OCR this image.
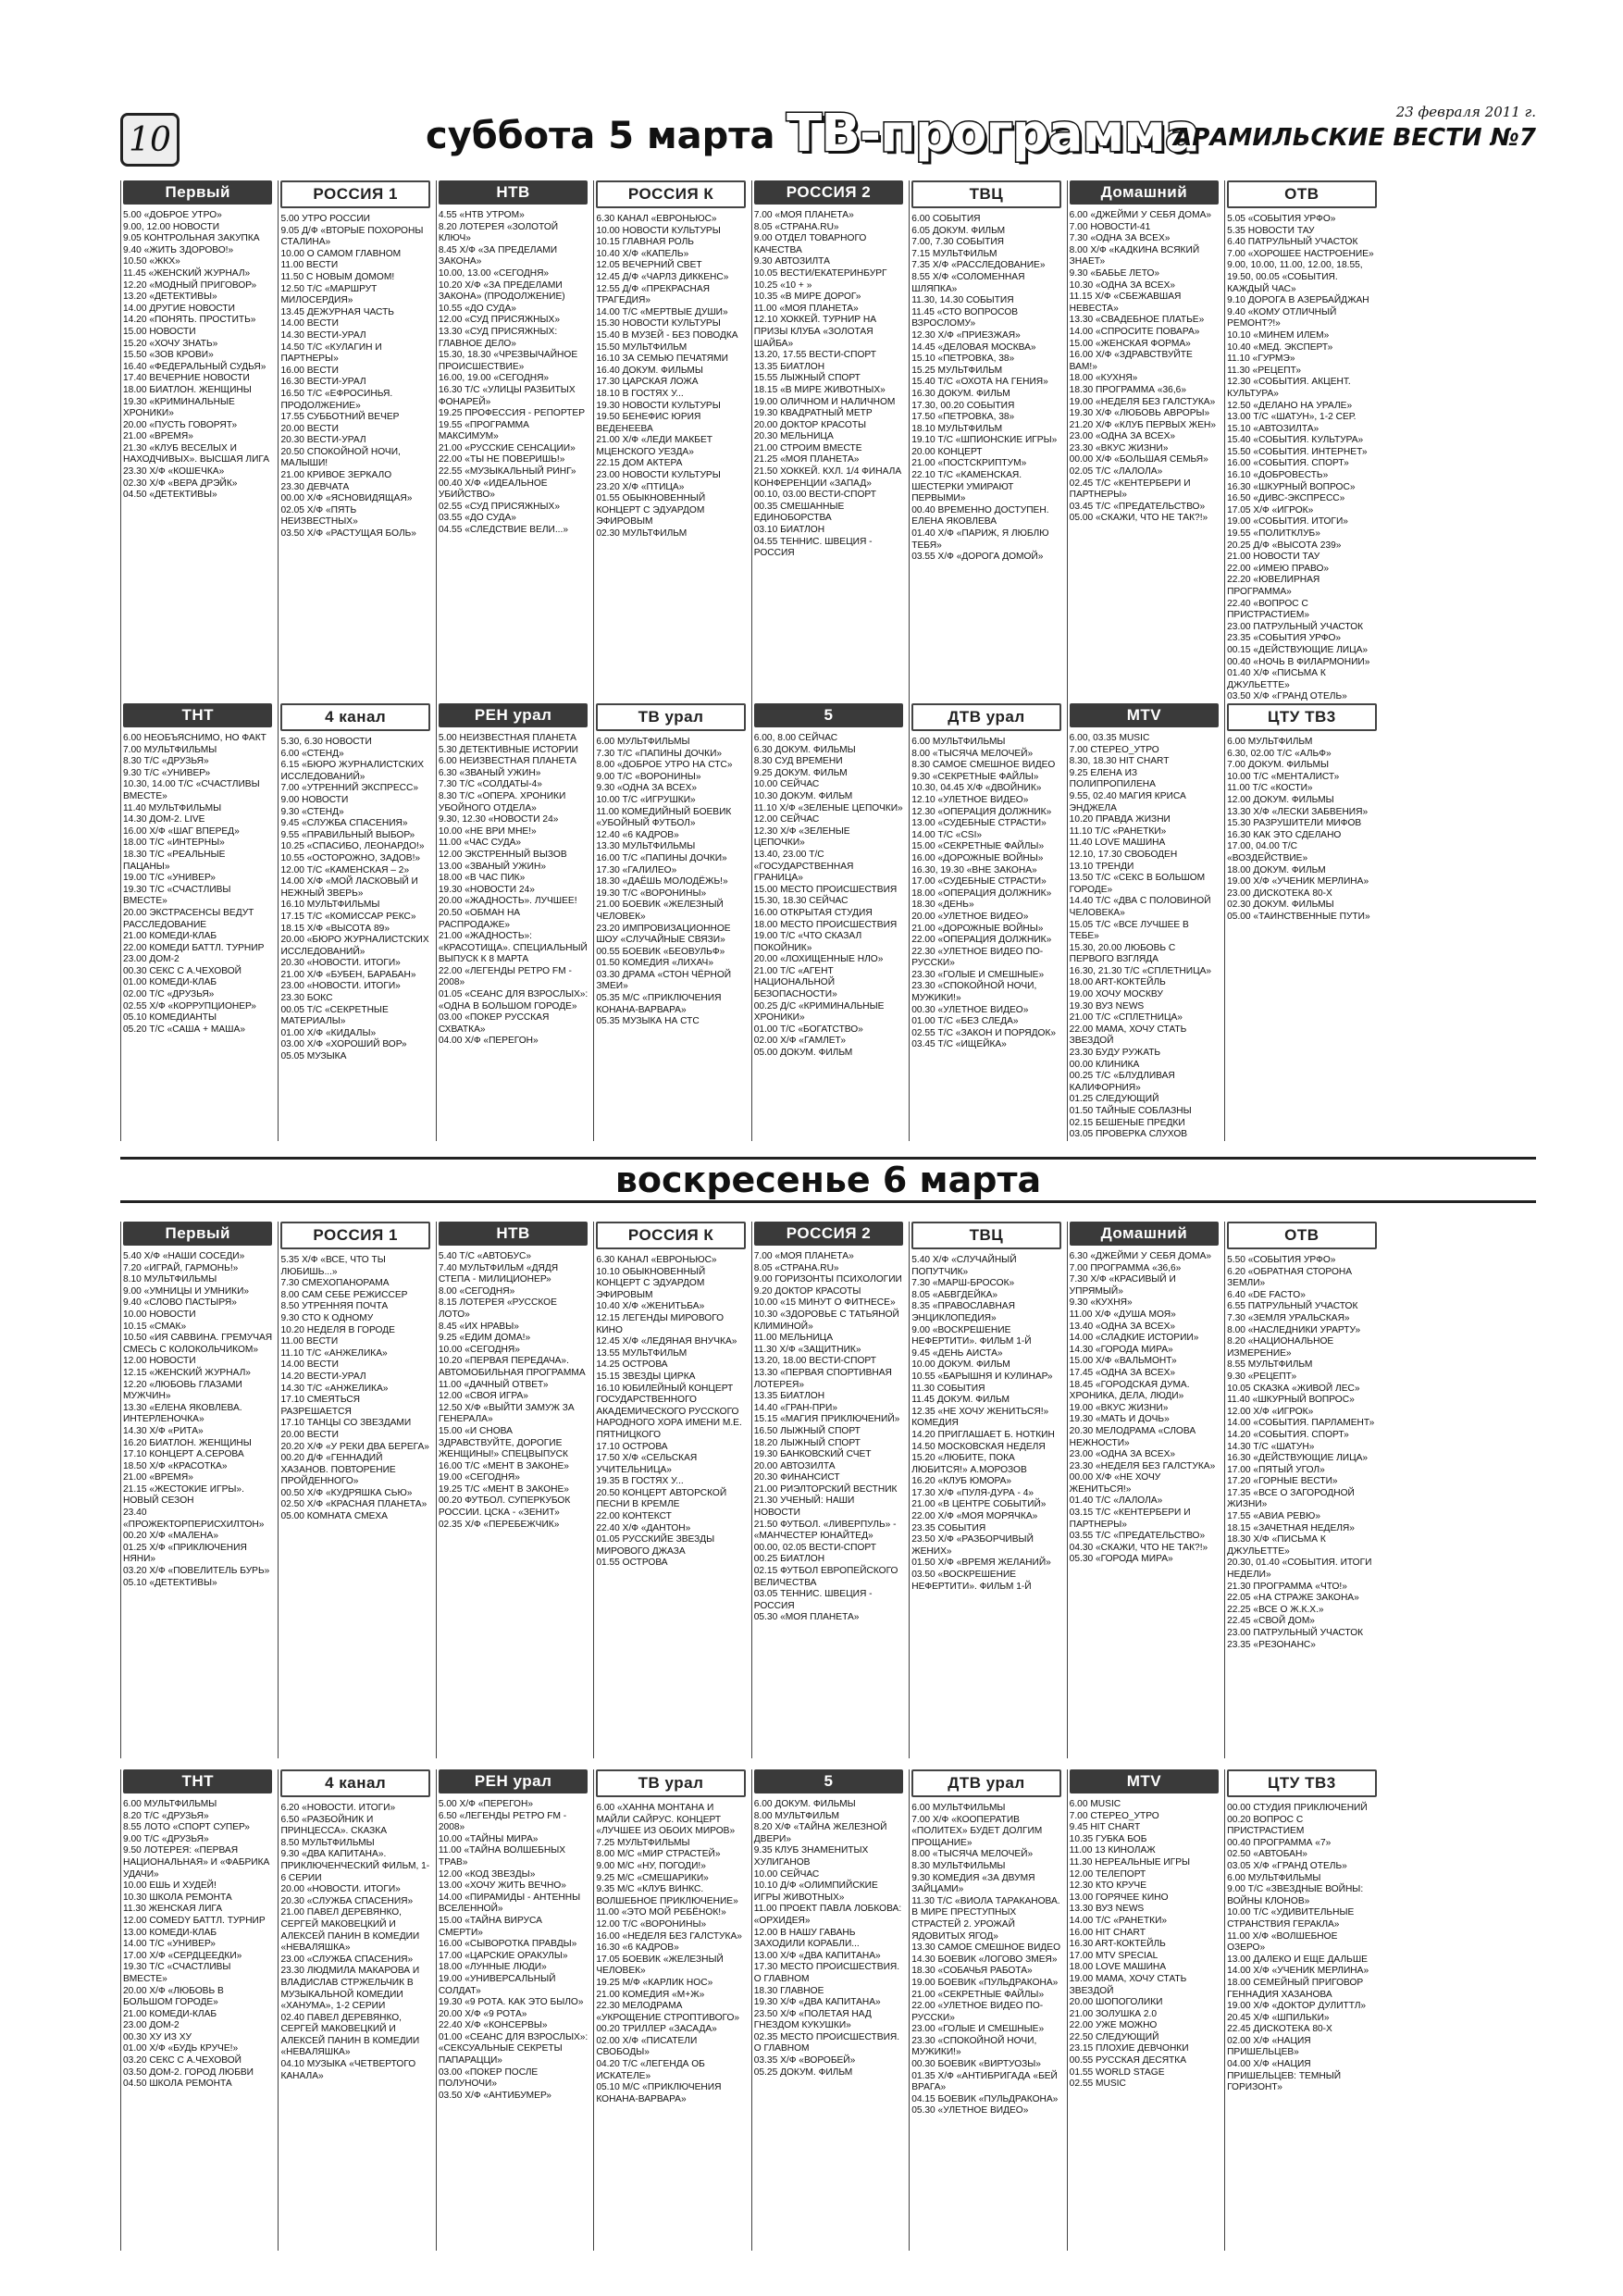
10	суббота 5 марта ТВ-программа	23 февраля 2011 г.
АРАМИЛЬСКИЕ ВЕСТИ №7
Первый
5.00 «ДОБРОЕ УТРО»
9.00, 12.00 НОВОСТИ
9.05 КОНТРОЛЬНАЯ ЗАКУПКА
9.40 «ЖИТЬ ЗДОРОВО!»
10.50 «ЖКХ»
11.45 «ЖЕНСКИЙ ЖУРНАЛ»
12.20 «МОДНЫЙ ПРИГОВОР»
13.20 «ДЕТЕКТИВЫ»
14.00 ДРУГИЕ НОВОСТИ
14.20 «ПОНЯТЬ. ПРОСТИТЬ»
15.00 НОВОСТИ
15.20 «ХОЧУ ЗНАТЬ»
15.50 «ЗОВ КРОВИ»
16.40 «ФЕДЕРАЛЬНЫЙ СУДЬЯ»
17.40 ВЕЧЕРНИЕ НОВОСТИ
18.00 БИАТЛОН. ЖЕНЩИНЫ
19.30 «КРИМИНАЛЬНЫЕ ХРОНИКИ»
20.00 «ПУСТЬ ГОВОРЯТ»
21.00 «ВРЕМЯ»
21.30 «КЛУБ ВЕСЕЛЫХ И НАХОДЧИВЫХ». ВЫСШАЯ ЛИГА
23.30 Х/Ф «КОШЕЧКА»
02.30 Х/Ф «ВЕРА ДРЭЙК»
04.50 «ДЕТЕКТИВЫ»
РОССИЯ 1
5.00 УТРО РОССИИ
9.05 Д/Ф «ВТОРЫЕ ПОХОРОНЫ СТАЛИНА»
10.00 О САМОМ ГЛАВНОМ
11.00 ВЕСТИ
11.50 С НОВЫМ ДОМОМ!
12.50 Т/С «МАРШРУТ МИЛОСЕРДИЯ»
13.45 ДЕЖУРНАЯ ЧАСТЬ
14.00 ВЕСТИ
14.30 ВЕСТИ-УРАЛ
14.50 Т/С «КУЛАГИН И ПАРТНЕРЫ»
16.00 ВЕСТИ
16.30 ВЕСТИ-УРАЛ
16.50 Т/С «ЕФРОСИНЬЯ. ПРОДОЛЖЕНИЕ»
17.55 СУББОТНИЙ ВЕЧЕР
20.00 ВЕСТИ
20.30 ВЕСТИ-УРАЛ
20.50 СПОКОЙНОЙ НОЧИ, МАЛЫШИ!
21.00 КРИВОЕ ЗЕРКАЛО
23.30 ДЕВЧАТА
00.00 Х/Ф «ЯСНОВИДЯЩАЯ»
02.05 Х/Ф «ПЯТЬ НЕИЗВЕСТНЫХ»
03.50 Х/Ф «РАСТУЩАЯ БОЛЬ»
НТВ
4.55 «НТВ УТРОМ»
8.20 ЛОТЕРЕЯ «ЗОЛОТОЙ КЛЮЧ»
8.45 Х/Ф «ЗА ПРЕДЕЛАМИ ЗАКОНА»
10.00, 13.00 «СЕГОДНЯ»
10.20 Х/Ф «ЗА ПРЕДЕЛАМИ ЗАКОНА» (ПРОДОЛЖЕНИЕ)
10.55 «ДО СУДА»
12.00 «СУД ПРИСЯЖНЫХ»
13.30 «СУД ПРИСЯЖНЫХ: ГЛАВНОЕ ДЕЛО»
15.30, 18.30 «ЧРЕЗВЫЧАЙНОЕ ПРОИСШЕСТВИЕ»
16.00, 19.00 «СЕГОДНЯ»
16.30 Т/С «УЛИЦЫ РАЗБИТЫХ ФОНАРЕЙ»
19.25 ПРОФЕССИЯ - РЕПОРТЕР
19.55 «ПРОГРАММА МАКСИМУМ»
21.00 «РУССКИЕ СЕНСАЦИИ»
22.00 «ТЫ НЕ ПОВЕРИШЬ!»
22.55 «МУЗЫКАЛЬНЫЙ РИНГ»
00.40 Х/Ф «ИДЕАЛЬНОЕ УБИЙСТВО»
02.55 «СУД ПРИСЯЖНЫХ»
03.55 «ДО СУДА»
04.55 «СЛЕДСТВИЕ ВЕЛИ...»
РОССИЯ К
6.30 КАНАЛ «ЕВРОНЬЮС»
10.00 НОВОСТИ КУЛЬТУРЫ
10.15 ГЛАВНАЯ РОЛЬ
10.40 Х/Ф «КАПЕЛЬ»
12.05 ВЕЧЕРНИЙ СВЕТ
12.45 Д/Ф «ЧАРЛЗ ДИККЕНС»
12.55 Д/Ф «ПРЕКРАСНАЯ ТРАГЕДИЯ»
14.00 Т/С «МЕРТВЫЕ ДУШИ»
15.30 НОВОСТИ КУЛЬТУРЫ
15.40 В МУЗЕЙ - БЕЗ ПОВОДКА
15.50 МУЛЬТФИЛЬМ
16.10 ЗА СЕМЬЮ ПЕЧАТЯМИ
16.40 ДОКУМ. ФИЛЬМЫ
17.30 ЦАРСКАЯ ЛОЖА
18.10 В ГОСТЯХ У...
19.30 НОВОСТИ КУЛЬТУРЫ
19.50 БЕНЕФИС ЮРИЯ ВЕДЕНЕЕВА
21.00 Х/Ф «ЛЕДИ МАКБЕТ МЦЕНСКОГО УЕЗДА»
22.15 ДОМ АКТЕРА
23.00 НОВОСТИ КУЛЬТУРЫ
23.20 Х/Ф «ПТИЦА»
01.55 ОБЫКНОВЕННЫЙ КОНЦЕРТ С ЭДУАРДОМ ЭФИРОВЫМ
02.30 МУЛЬТФИЛЬМ
РОССИЯ 2
7.00 «МОЯ ПЛАНЕТА»
8.05 «СТРАНА.RU»
9.00 ОТДЕЛ ТОВАРНОГО КАЧЕСТВА
9.30 АВТОЗИЛТА
10.05 ВЕСТИ/ЕКАТЕРИНБУРГ
10.25 «10 + »
10.35 «В МИРЕ ДОРОГ»
11.00 «МОЯ ПЛАНЕТА»
12.10 ХОККЕЙ. ТУРНИР НА ПРИЗЫ КЛУБА «ЗОЛОТАЯ ШАЙБА»
13.20, 17.55 ВЕСТИ-СПОРТ
13.35 БИАТЛОН
15.55 ЛЫЖНЫЙ СПОРТ
18.15 «В МИРЕ ЖИВОТНЫХ»
19.00 ОЛИЧНОМ И НАЛИЧНОМ
19.30 КВАДРАТНЫЙ МЕТР
20.00 ДОКТОР КРАСОТЫ
20.30 МЕЛЬНИЦА
21.00 СТРОИМ ВМЕСТЕ
21.25 «МОЯ ПЛАНЕТА»
21.50 ХОККЕЙ. КХЛ. 1/4 ФИНАЛА КОНФЕРЕНЦИИ «ЗАПАД»
00.10, 03.00 ВЕСТИ-СПОРТ
00.35 СМЕШАННЫЕ ЕДИНОБОРСТВА
03.10 БИАТЛОН
04.55 ТЕННИС. ШВЕЦИЯ - РОССИЯ
ТВЦ
6.00 СОБЫТИЯ
6.05 ДОКУМ. ФИЛЬМ
7.00, 7.30 СОБЫТИЯ
7.15 МУЛЬТФИЛЬМ
7.35 Х/Ф «РАССЛЕДОВАНИЕ»
8.55 Х/Ф «СОЛОМЕННАЯ ШЛЯПКА»
11.30, 14.30 СОБЫТИЯ
11.45 «СТО ВОПРОСОВ ВЗРОСЛОМУ»
12.30 Х/Ф «ПРИЕЗЖАЯ»
14.45 «ДЕЛОВАЯ МОСКВА»
15.10 «ПЕТРОВКА, 38»
15.25 МУЛЬТФИЛЬМ
15.40 Т/С «ОХОТА НА ГЕНИЯ»
16.30 ДОКУМ. ФИЛЬМ
17.30, 00.20 СОБЫТИЯ
17.50 «ПЕТРОВКА, 38»
18.10 МУЛЬТФИЛЬМ
19.10 Т/С «ШПИОНСКИЕ ИГРЫ»
20.00 КОНЦЕРТ
21.00 «ПОСТСКРИПТУМ»
22.10 Т/С «КАМЕНСКАЯ. ШЕСТЕРКИ УМИРАЮТ ПЕРВЫМИ»
00.40 ВРЕМЕННО ДОСТУПЕН. ЕЛЕНА ЯКОВЛЕВА
01.40 Х/Ф «ПАРИЖ, Я ЛЮБЛЮ ТЕБЯ»
03.55 Х/Ф «ДОРОГА ДОМОЙ»
Домашний
6.00 «ДЖЕЙМИ У СЕБЯ ДОМА»
7.00 НОВОСТИ-41
7.30 «ОДНА ЗА ВСЕХ»
8.00 Х/Ф «КАДКИНА ВСЯКИЙ ЗНАЕТ»
9.30 «БАБЬЕ ЛЕТО»
10.30 «ОДНА ЗА ВСЕХ»
11.15 Х/Ф «СБЕЖАВШАЯ НЕВЕСТА»
13.30 «СВАДЕБНОЕ ПЛАТЬЕ»
14.00 «СПРОСИТЕ ПОВАРА»
15.00 «ЖЕНСКАЯ ФОРМА»
16.00 Х/Ф «ЗДРАВСТВУЙТЕ ВАМ!»
18.00 «КУХНЯ»
18.30 ПРОГРАММА «36,6»
19.00 «НЕДЕЛЯ БЕЗ ГАЛСТУКА»
19.30 Х/Ф «ЛЮБОВЬ АВРОРЫ»
21.20 Х/Ф «КЛУБ ПЕРВЫХ ЖЕН»
23.00 «ОДНА ЗА ВСЕХ»
23.30 «ВКУС ЖИЗНИ»
00.00 Х/Ф «БОЛЬШАЯ СЕМЬЯ»
02.05 Т/С «ЛАЛОЛА»
02.45 Т/С «КЕНТЕРБЕРИ И ПАРТНЕРЫ»
03.45 Т/С «ПРЕДАТЕЛЬСТВО»
05.00 «СКАЖИ, ЧТО НЕ ТАК?!»
ОТВ
5.05 «СОБЫТИЯ УРФО»
5.35 НОВОСТИ ТАУ
6.40 ПАТРУЛЬНЫЙ УЧАСТОК
7.00 «ХОРОШЕЕ НАСТРОЕНИЕ»
9.00, 10.00, 11.00, 12.00, 18.55, 19.50, 00.05 «СОБЫТИЯ. КАЖДЫЙ ЧАС»
9.10 ДОРОГА В АЗЕРБАЙДЖАН
9.40 «КОМУ ОТЛИЧНЫЙ РЕМОНТ?!»
10.10 «МИНЕМ ИЛЕМ»
10.40 «МЕД. ЭКСПЕРТ»
11.10 «ГУРМЭ»
11.30 «РЕЦЕПТ»
12.30 «СОБЫТИЯ. АКЦЕНТ. КУЛЬТУРА»
12.50 «ДЕЛАНО НА УРАЛЕ»
13.00 Т/С «ШАТУН», 1-2 СЕР.
15.10 «АВТОЗИЛТА»
15.40 «СОБЫТИЯ. КУЛЬТУРА»
15.50 «СОБЫТИЯ. ИНТЕРНЕТ»
16.00 «СОБЫТИЯ. СПОРТ»
16.10 «ДОБРОВЕСТЬ»
16.30 «ШКУРНЫЙ ВОПРОС»
16.50 «ДИВС-ЭКСПРЕСС»
17.05 Х/Ф «ИГРОК»
19.00 «СОБЫТИЯ. ИТОГИ»
19.55 «ПОЛИТКЛУБ»
20.25 Д/Ф «ВЫСОТА 239»
21.00 НОВОСТИ ТАУ
22.00 «ИМЕЮ ПРАВО»
22.20 «ЮВЕЛИРНАЯ ПРОГРАММА»
22.40 «ВОПРОС С ПРИСТРАСТИЕМ»
23.00 ПАТРУЛЬНЫЙ УЧАСТОК
23.35 «СОБЫТИЯ УРФО»
00.15 «ДЕЙСТВУЮЩИЕ ЛИЦА»
00.40 «НОЧЬ В ФИЛАРМОНИИ»
01.40 Х/Ф «ПИСЬМА К ДЖУЛЬЕТТЕ»
03.50 Х/Ф «ГРАНД ОТЕЛЬ»
ТНТ
6.00 НЕОБЪЯСНИМО, НО ФАКТ
7.00 МУЛЬТФИЛЬМЫ
8.30 Т/С «ДРУЗЬЯ»
9.30 Т/С «УНИВЕР»
10.30, 14.00 Т/С «СЧАСТЛИВЫ ВМЕСТЕ»
11.40 МУЛЬТФИЛЬМЫ
14.30 ДОМ-2. LIVE
16.00 Х/Ф «ШАГ ВПЕРЕД»
18.00 Т/С «ИНТЕРНЫ»
18.30 Т/С «РЕАЛЬНЫЕ ПАЦАНЫ»
19.00 Т/С «УНИВЕР»
19.30 Т/С «СЧАСТЛИВЫ ВМЕСТЕ»
20.00 ЭКСТРАСЕНСЫ ВЕДУТ РАССЛЕДОВАНИЕ
21.00 КОМЕДИ-КЛАБ
22.00 КОМЕДИ БАТТЛ. ТУРНИР
23.00 ДОМ-2
00.30 СЕКС С А.ЧЕХОВОЙ
01.00 КОМЕДИ-КЛАБ
02.00 Т/С «ДРУЗЬЯ»
02.55 Х/Ф «КОРРУПЦИОНЕР»
05.10 КОМЕДИАНТЫ
05.20 Т/С «САША + МАША»
4 канал
5.30, 6.30 НОВОСТИ
6.00 «СТЕНД»
6.15 «БЮРО ЖУРНАЛИСТСКИХ ИССЛЕДОВАНИЙ»
7.00 «УТРЕННИЙ ЭКСПРЕСС»
9.00 НОВОСТИ
9.30 «СТЕНД»
9.45 «СЛУЖБА СПАСЕНИЯ»
9.55 «ПРАВИЛЬНЫЙ ВЫБОР»
10.25 «СПАСИБО, ЛЕОНАРДО!»
10.55 «ОСТОРОЖНО, ЗАДОВ!»
12.00 Т/С «КАМЕНСКАЯ – 2»
14.00 Х/Ф «МОЙ ЛАСКОВЫЙ И НЕЖНЫЙ ЗВЕРЬ»
16.10 МУЛЬТФИЛЬМЫ
17.15 Т/С «КОМИССАР РЕКС»
18.15 Х/Ф «ВЫСОТА 89»
20.00 «БЮРО ЖУРНАЛИСТСКИХ ИССЛЕДОВАНИЙ»
20.30 «НОВОСТИ. ИТОГИ»
21.00 Х/Ф «БУБЕН, БАРАБАН»
23.00 «НОВОСТИ. ИТОГИ»
23.30 БОКС
00.05 Т/С «СЕКРЕТНЫЕ МАТЕРИАЛЫ»
01.00 Х/Ф «КИДАЛЫ»
03.00 Х/Ф «ХОРОШИЙ ВОР»
05.05 МУЗЫКА
РЕН урал
5.00 НЕИЗВЕСТНАЯ ПЛАНЕТА
5.30 ДЕТЕКТИВНЫЕ ИСТОРИИ
6.00 НЕИЗВЕСТНАЯ ПЛАНЕТА
6.30 «ЗВАНЫЙ УЖИН»
7.30 Т/С «СОЛДАТЫ-4»
8.30 Т/С «ОПЕРА. ХРОНИКИ УБОЙНОГО ОТДЕЛА»
9.30, 12.30 «НОВОСТИ 24»
10.00 «НЕ ВРИ МНЕ!»
11.00 «ЧАС СУДА»
12.00 ЭКСТРЕННЫЙ ВЫЗОВ
13.00 «ЗВАНЫЙ УЖИН»
18.00 «В ЧАС ПИК»
19.30 «НОВОСТИ 24»
20.00 «ЖАДНОСТЬ». ЛУЧШЕЕ!
20.50 «ОБМАН НА РАСПРОДАЖЕ»
21.00 «ЖАДНОСТЬ»: «КРАСОТИЩА». СПЕЦИАЛЬНЫЙ ВЫПУСК К 8 МАРТА
22.00 «ЛЕГЕНДЫ РЕТРО FM - 2008»
01.05 «СЕАНС ДЛЯ ВЗРОСЛЫХ»: «ОДНА В БОЛЬШОМ ГОРОДЕ»
03.00 «ПОКЕР РУССКАЯ СХВАТКА»
04.00 Х/Ф «ПЕРЕГОН»
ТВ урал
6.00 МУЛЬТФИЛЬМЫ
7.30 Т/С «ПАПИНЫ ДОЧКИ»
8.00 «ДОБРОЕ УТРО НА СТС»
9.00 Т/С «ВОРОНИНЫ»
9.30 «ОДНА ЗА ВСЕХ»
10.00 Т/С «ИГРУШКИ»
11.00 КОМЕДИЙНЫЙ БОЕВИК «УБОЙНЫЙ ФУТБОЛ»
12.40 «6 КАДРОВ»
13.30 МУЛЬТФИЛЬМЫ
16.00 Т/С «ПАПИНЫ ДОЧКИ»
17.30 «ГАЛИЛЕО»
18.30 «ДАЁШЬ МОЛОДЁЖЬ!»
19.30 Т/С «ВОРОНИНЫ»
21.00 БОЕВИК «ЖЕЛЕЗНЫЙ ЧЕЛОВЕК»
23.20 ИМПРОВИЗАЦИОННОЕ ШОУ «СЛУЧАЙНЫЕ СВЯЗИ»
00.55 БОЕВИК «БЕОВУЛЬФ»
01.50 КОМЕДИЯ «ЛИХАЧ»
03.30 ДРАМА «СТОН ЧЁРНОЙ ЗМЕИ»
05.35 М/С «ПРИКЛЮЧЕНИЯ КОНАНА-ВАРВАРА»
05.35 МУЗЫКА НА СТС
5
6.00, 8.00 СЕЙЧАС
6.30 ДОКУМ. ФИЛЬМЫ
8.30 СУД ВРЕМЕНИ
9.25 ДОКУМ. ФИЛЬМ
10.00 СЕЙЧАС
10.30 ДОКУМ. ФИЛЬМ
11.10 Х/Ф «ЗЕЛЕНЫЕ ЦЕПОЧКИ»
12.00 СЕЙЧАС
12.30 Х/Ф «ЗЕЛЕНЫЕ ЦЕПОЧКИ»
13.40, 23.00 Т/С «ГОСУДАРСТВЕННАЯ ГРАНИЦА»
15.00 МЕСТО ПРОИСШЕСТВИЯ
15.30, 18.30 СЕЙЧАС
16.00 ОТКРЫТАЯ СТУДИЯ
18.00 МЕСТО ПРОИСШЕСТВИЯ
19.00 Т/С «ЧТО СКАЗАЛ ПОКОЙНИК»
20.00 «ЛОХИЩЕННЫЕ НЛО»
21.00 Т/С «АГЕНТ НАЦИОНАЛЬНОЙ БЕЗОПАСНОСТИ»
00.25 Д/С «КРИМИНАЛЬНЫЕ ХРОНИКИ»
01.00 Т/С «БОГАТСТВО»
02.00 Х/Ф «ГАМЛЕТ»
05.00 ДОКУМ. ФИЛЬМ
ДТВ урал
6.00 МУЛЬТФИЛЬМЫ
8.00 «ТЫСЯЧА МЕЛОЧЕЙ»
8.30 САМОЕ СМЕШНОЕ ВИДЕО
9.30 «СЕКРЕТНЫЕ ФАЙЛЫ»
10.30, 04.45 Х/Ф «ДВОЙНИК»
12.10 «УЛЕТНОЕ ВИДЕО»
12.30 «ОПЕРАЦИЯ ДОЛЖНИК»
13.00 «СУДЕБНЫЕ СТРАСТИ»
14.00 Т/С «CSI»
15.00 «СЕКРЕТНЫЕ ФАЙЛЫ»
16.00 «ДОРОЖНЫЕ ВОЙНЫ»
16.30, 19.30 «ВНЕ ЗАКОНА»
17.00 «СУДЕБНЫЕ СТРАСТИ»
18.00 «ОПЕРАЦИЯ ДОЛЖНИК»
18.30 «ДЕНЬ»
20.00 «УЛЕТНОЕ ВИДЕО»
21.00 «ДОРОЖНЫЕ ВОЙНЫ»
22.00 «ОПЕРАЦИЯ ДОЛЖНИК»
22.30 «УЛЕТНОЕ ВИДЕО ПО-РУССКИ»
23.30 «ГОЛЫЕ И СМЕШНЫЕ»
23.30 «СПОКОЙНОЙ НОЧИ, МУЖИКИ!»
00.30 «УЛЕТНОЕ ВИДЕО»
01.00 Т/С «БЕЗ СЛЕДА»
02.55 Т/С «ЗАКОН И ПОРЯДОК»
03.45 Т/С «ИЩЕЙКА»
MTV
6.00, 03.35 MUSIC
7.00 СТЕРЕО_УТРО
8.30, 18.30 HIT CHART
9.25 ЕЛЕНА ИЗ ПОЛИПРОПИЛЕНА
9.55, 02.40 МАГИЯ КРИСА ЭНДЖЕЛА
10.20 ПРАВДА ЖИЗНИ
11.10 Т/С «РАНЕТКИ»
11.40 LOVE МАШИНА
12.10, 17.30 СВОБОДЕН
13.10 ТРЕНДИ
13.50 Т/С «СЕКС В БОЛЬШОМ ГОРОДЕ»
14.40 Т/С «ДВА С ПОЛОВИНОЙ ЧЕЛОВЕКА»
15.05 Т/С «ВСЕ ЛУЧШЕЕ В ТЕБЕ»
15.30, 20.00 ЛЮБОВЬ С ПЕРВОГО ВЗГЛЯДА
16.30, 21.30 Т/С «СПЛЕТНИЦА»
18.00 ART-КОКТЕЙЛЬ
19.00 ХОЧУ МОСКВУ
19.30 ВУЗ NEWS
21.00 Т/С «СПЛЕТНИЦА»
22.00 МАМА, ХОЧУ СТАТЬ ЗВЕЗДОЙ
23.30 БУДУ РУЖАТЬ
00.00 КЛИНИКА
00.25 Т/С «БЛУДЛИВАЯ КАЛИФОРНИЯ»
01.25 СЛЕДУЮЩИЙ
01.50 ТАЙНЫЕ СОБЛАЗНЫ
02.15 БЕШЕНЫЕ ПРЕДКИ
03.05 ПРОВЕРКА СЛУХОВ
ЦТУ ТВ3
6.00 МУЛЬТФИЛЬМ
6.30, 02.00 Т/С «АЛЬФ»
7.00 ДОКУМ. ФИЛЬМЫ
10.00 Т/С «МЕНТАЛИСТ»
11.00 Т/С «КОСТИ»
12.00 ДОКУМ. ФИЛЬМЫ
13.30 Х/Ф «ЛЕСКИ ЗАБВЕНИЯ»
15.30 РАЗРУШИТЕЛИ МИФОВ
16.30 КАК ЭТО СДЕЛАНО
17.00, 04.00 Т/С «ВОЗДЕЙСТВИЕ»
18.00 ДОКУМ. ФИЛЬМ
19.00 Х/Ф «УЧЕНИК МЕРЛИНА»
23.00 ДИСКОТЕКА 80-Х
02.30 ДОКУМ. ФИЛЬМЫ
05.00 «ТАИНСТВЕННЫЕ ПУТИ»
воскресенье 6 марта
Первый
5.40 Х/Ф «НАШИ СОСЕДИ»
7.20 «ИГРАЙ, ГАРМОНЬ!»
8.10 МУЛЬТФИЛЬМЫ
9.00 «УМНИЦЫ И УМНИКИ»
9.40 «СЛОВО ПАСТЫРЯ»
10.00 НОВОСТИ
10.15 «СМАК»
10.50 «ИЯ САВВИНА. ГРЕМУЧАЯ СМЕСЬ С КОЛОКОЛЬЧИКОМ»
12.00 НОВОСТИ
12.15 «ЖЕНСКИЙ ЖУРНАЛ»
12.20 «ЛЮБОВЬ ГЛАЗАМИ МУЖЧИН»
13.30 «ЕЛЕНА ЯКОВЛЕВА. ИНТЕРЛЕНОЧКА»
14.30 Х/Ф «РИТА»
16.20 БИАТЛОН. ЖЕНЩИНЫ
17.10 КОНЦЕРТ А.СЕРОВА
18.50 Х/Ф «КРАСОТКА»
21.00 «ВРЕМЯ»
21.15 «ЖЕСТОКИЕ ИГРЫ». НОВЫЙ СЕЗОН
23.40 «ПРОЖЕКТОРПЕРИСХИЛТОН»
00.20 Х/Ф «МАЛЕНА»
01.25 Х/Ф «ПРИКЛЮЧЕНИЯ НЯНИ»
03.20 Х/Ф «ПОВЕЛИТЕЛЬ БУРЬ»
05.10 «ДЕТЕКТИВЫ»
РОССИЯ 1
5.35 Х/Ф «ВСЕ, ЧТО ТЫ ЛЮБИШЬ...»
7.30 СМЕХОПАНОРАМА
8.00 САМ СЕБЕ РЕЖИССЕР
8.50 УТРЕННЯЯ ПОЧТА
9.30 СТО К ОДНОМУ
10.20 НЕДЕЛЯ В ГОРОДЕ
11.00 ВЕСТИ
11.10 Т/С «АНЖЕЛИКА»
14.00 ВЕСТИ
14.20 ВЕСТИ-УРАЛ
14.30 Т/С «АНЖЕЛИКА»
17.10 СМЕЯТЬСЯ РАЗРЕШАЕТСЯ
17.10 ТАНЦЫ СО ЗВЕЗДАМИ
20.00 ВЕСТИ
20.20 Х/Ф «У РЕКИ ДВА БЕРЕГА»
00.20 Д/Ф «ГЕННАДИЙ ХАЗАНОВ. ПОВТОРЕНИЕ ПРОЙДЕННОГО»
00.50 Х/Ф «КУДРЯШКА СЬЮ»
02.50 Х/Ф «КРАСНАЯ ПЛАНЕТА»
05.00 КОМНАТА СМЕХА
НТВ
5.40 Т/С «АВТОБУС»
7.40 МУЛЬТФИЛЬМ «ДЯДЯ СТЕПА - МИЛИЦИОНЕР»
8.00 «СЕГОДНЯ»
8.15 ЛОТЕРЕЯ «РУССКОЕ ЛОТО»
8.45 «ИХ НРАВЫ»
9.25 «ЕДИМ ДОМА!»
10.00 «СЕГОДНЯ»
10.20 «ПЕРВАЯ ПЕРЕДАЧА». АВТОМОБИЛЬНАЯ ПРОГРАММА
11.00 «ДАЧНЫЙ ОТВЕТ»
12.00 «СВОЯ ИГРА»
12.50 Х/Ф «ВЫЙТИ ЗАМУЖ ЗА ГЕНЕРАЛА»
15.00 «И СНОВА ЗДРАВСТВУЙТЕ, ДОРОГИЕ ЖЕНЩИНЫ!» СПЕЦВЫПУСК
16.00 Т/С «МЕНТ В ЗАКОНЕ»
19.00 «СЕГОДНЯ»
19.25 Т/С «МЕНТ В ЗАКОНЕ»
00.20 ФУТБОЛ. СУПЕРКУБОК РОССИИ. ЦСКА - «ЗЕНИТ»
02.35 Х/Ф «ПЕРЕБЕЖЧИК»
РОССИЯ К
6.30 КАНАЛ «ЕВРОНЬЮС»
10.10 ОБЫКНОВЕННЫЙ КОНЦЕРТ С ЭДУАРДОМ ЭФИРОВЫМ
10.40 Х/Ф «ЖЕНИТЬБА»
12.15 ЛЕГЕНДЫ МИРОВОГО КИНО
12.45 Х/Ф «ЛЕДЯНАЯ ВНУЧКА»
13.55 МУЛЬТФИЛЬМ
14.25 ОСТРОВА
15.15 ЗВЕЗДЫ ЦИРКА
16.10 ЮБИЛЕЙНЫЙ КОНЦЕРТ ГОСУДАРСТВЕННОГО АКАДЕМИЧЕСКОГО РУССКОГО НАРОДНОГО ХОРА ИМЕНИ М.Е. ПЯТНИЦКОГО
17.10 ОСТРОВА
17.50 Х/Ф «СЕЛЬСКАЯ УЧИТЕЛЬНИЦА»
19.35 В ГОСТЯХ У...
20.50 КОНЦЕРТ АВТОРСКОЙ ПЕСНИ В КРЕМЛЕ
22.00 КОНТЕКСТ
22.40 Х/Ф «ДАНТОН»
01.05 РУССКИЙЕ ЗВЕЗДЫ МИРОВОГО ДЖАЗА
01.55 ОСТРОВА
РОССИЯ 2
7.00 «МОЯ ПЛАНЕТА»
8.05 «СТРАНА.RU»
9.00 ГОРИЗОНТЫ ПСИХОЛОГИИ
9.20 ДОКТОР КРАСОТЫ
10.00 «15 МИНУТ О ФИТНЕСЕ»
10.30 «ЗДОРОВЬЕ С ТАТЬЯНОЙ КЛИМИНОЙ»
11.00 МЕЛЬНИЦА
11.30 Х/Ф «ЗАЩИТНИК»
13.20, 18.00 ВЕСТИ-СПОРТ
13.30 «ПЕРВАЯ СПОРТИВНАЯ ЛОТЕРЕЯ»
13.35 БИАТЛОН
14.40 «ГРАН-ПРИ»
15.15 «МАГИЯ ПРИКЛЮЧЕНИЙ»
16.50 ЛЫЖНЫЙ СПОРТ
18.20 ЛЫЖНЫЙ СПОРТ
19.30 БАНКОВСКИЙ СЧЕТ
20.00 АВТОЗИЛТА
20.30 ФИНАНСИСТ
21.00 РИЭЛТОРСКИЙ ВЕСТНИК
21.30 УЧЕНЫЙ: НАШИ НОВОСТИ
21.50 ФУТБОЛ. «ЛИВЕРПУЛЬ» - «МАНЧЕСТЕР ЮНАЙТЕД»
00.00, 02.05 ВЕСТИ-СПОРТ
00.25 БИАТЛОН
02.15 ФУТБОЛ ЕВРОПЕЙСКОГО ВЕЛИЧЕСТВА
03.05 ТЕННИС. ШВЕЦИЯ - РОССИЯ
05.30 «МОЯ ПЛАНЕТА»
ТВЦ
5.40 Х/Ф «СЛУЧАЙНЫЙ ПОПУТЧИК»
7.30 «МАРШ-БРОСОК»
8.05 «АБВГДЕЙКА»
8.35 «ПРАВОСЛАВНАЯ ЭНЦИКЛОПЕДИЯ»
9.00 «ВОСКРЕШЕНИЕ НЕФЕРТИТИ». ФИЛЬМ 1-Й
9.45 «ДЕНЬ АИСТА»
10.00 ДОКУМ. ФИЛЬМ
10.55 «БАРЫШНЯ И КУЛИНАР»
11.30 СОБЫТИЯ
11.45 ДОКУМ. ФИЛЬМ
12.35 «НЕ ХОЧУ ЖЕНИТЬСЯ!» КОМЕДИЯ
14.20 ПРИГЛАШАЕТ Б. НОТКИН
14.50 МОСКОВСКАЯ НЕДЕЛЯ
15.20 «ЛЮБИТЕ, ПОКА ЛЮБИТСЯ!» А.МОРОЗОВ
16.20 «КЛУБ ЮМОРА»
17.30 Х/Ф «ПУЛЯ-ДУРА - 4»
21.00 «В ЦЕНТРЕ СОБЫТИЙ»
22.00 Х/Ф «МОЯ МОРЯЧКА»
23.35 СОБЫТИЯ
23.50 Х/Ф «РАЗБОРЧИВЫЙ ЖЕНИХ»
01.50 Х/Ф «ВРЕМЯ ЖЕЛАНИЙ»
03.50 «ВОСКРЕШЕНИЕ НЕФЕРТИТИ». ФИЛЬМ 1-Й
Домашний
6.30 «ДЖЕЙМИ У СЕБЯ ДОМА»
7.00 ПРОГРАММА «36,6»
7.30 Х/Ф «КРАСИВЫЙ И УПРЯМЫЙ»
9.30 «КУХНЯ»
11.00 Х/Ф «ДУША МОЯ»
13.40 «ОДНА ЗА ВСЕХ»
14.00 «СЛАДКИЕ ИСТОРИИ»
14.30 «ГОРОДА МИРА»
15.00 Х/Ф «ВАЛЬМОНТ»
17.45 «ОДНА ЗА ВСЕХ»
18.45 «ГОРОДСКАЯ ДУМА. ХРОНИКА, ДЕЛА, ЛЮДИ»
19.00 «ВКУС ЖИЗНИ»
19.30 «МАТЬ И ДОЧЬ»
20.30 МЕЛОДРАМА «СЛОВА НЕЖНОСТИ»
23.00 «ОДНА ЗА ВСЕХ»
23.30 «НЕДЕЛЯ БЕЗ ГАЛСТУКА»
00.00 Х/Ф «НЕ ХОЧУ ЖЕНИТЬСЯ!»
01.40 Т/С «ЛАЛОЛА»
03.15 Т/С «КЕНТЕРБЕРИ И ПАРТНЕРЫ»
03.55 Т/С «ПРЕДАТЕЛЬСТВО»
04.30 «СКАЖИ, ЧТО НЕ ТАК?!»
05.30 «ГОРОДА МИРА»
ОТВ
5.50 «СОБЫТИЯ УРФО»
6.20 «ОБРАТНАЯ СТОРОНА ЗЕМЛИ»
6.40 «DE FACTO»
6.55 ПАТРУЛЬНЫЙ УЧАСТОК
7.30 «ЗЕМЛЯ УРАЛЬСКАЯ»
8.00 «НАСЛЕДНИКИ УРАРТУ»
8.20 «НАЦИОНАЛЬНОЕ ИЗМЕРЕНИЕ»
8.55 МУЛЬТФИЛЬМ
9.30 «РЕЦЕПТ»
10.05 СКАЗКА «ЖИВОЙ ЛЕС»
11.40 «ШКУРНЫЙ ВОПРОС»
12.00 Х/Ф «ИГРОК»
14.00 «СОБЫТИЯ. ПАРЛАМЕНТ»
14.20 «СОБЫТИЯ. СПОРТ»
14.30 Т/С «ШАТУН»
16.30 «ДЕЙСТВУЮЩИЕ ЛИЦА»
17.00 «ПЯТЫЙ УГОЛ»
17.20 «ГОРНЫЕ ВЕСТИ»
17.35 «ВСЕ О ЗАГОРОДНОЙ ЖИЗНИ»
17.55 «АВИА РЕВЮ»
18.15 «ЗАЧЕТНАЯ НЕДЕЛЯ»
18.30 Х/Ф «ПИСЬМА К ДЖУЛЬЕТТЕ»
20.30, 01.40 «СОБЫТИЯ. ИТОГИ НЕДЕЛИ»
21.30 ПРОГРАММА «ЧТО!»
22.05 «НА СТРАЖЕ ЗАКОНА»
22.25 «ВСЕ О Ж.К.Х.»
22.45 «СВОЙ ДОМ»
23.00 ПАТРУЛЬНЫЙ УЧАСТОК
23.35 «РЕЗОНАНС»
ТНТ
6.00 МУЛЬТФИЛЬМЫ
8.20 Т/С «ДРУЗЬЯ»
8.55 ЛОТО «СПОРТ СУПЕР»
9.00 Т/С «ДРУЗЬЯ»
9.50 ЛОТЕРЕЯ: «ПЕРВАЯ НАЦИОНАЛЬНАЯ» И «ФАБРИКА УДАЧИ»
10.00 ЕШЬ И ХУДЕЙ!
10.30 ШКОЛА РЕМОНТА
11.30 ЖЕНСКАЯ ЛИГА
12.00 COMEDY БАТТЛ. ТУРНИР
13.00 КОМЕДИ-КЛАБ
14.00 Т/С «УНИВЕР»
17.00 Х/Ф «СЕРДЦЕЕДКИ»
19.30 Т/С «СЧАСТЛИВЫ ВМЕСТЕ»
20.00 Х/Ф «ЛЮБОВЬ В БОЛЬШОМ ГОРОДЕ»
21.00 КОМЕДИ-КЛАБ
23.00 ДОМ-2
00.30 ХУ ИЗ ХУ
01.00 Х/Ф «БУДЬ КРУЧЕ!»
03.20 СЕКС С А.ЧЕХОВОЙ
03.50 ДОМ-2. ГОРОД ЛЮБВИ
04.50 ШКОЛА РЕМОНТА
4 канал
6.20 «НОВОСТИ. ИТОГИ»
6.50 «РАЗБОЙНИК И ПРИНЦЕССА». СКАЗКА
8.50 МУЛЬТФИЛЬМЫ
9.30 «ДВА КАПИТАНА». ПРИКЛЮЧЕНЧЕСКИЙ ФИЛЬМ, 1-6 СЕРИИ
20.00 «НОВОСТИ. ИТОГИ»
20.30 «СЛУЖБА СПАСЕНИЯ»
21.00 ПАВЕЛ ДЕРЕВЯНКО, СЕРГЕЙ МАКОВЕЦКИЙ И АЛЕКСЕЙ ПАНИН В КОМЕДИИ «НЕВАЛЯШКА»
23.00 «СЛУЖБА СПАСЕНИЯ»
23.30 ЛЮДМИЛА МАКАРОВА И ВЛАДИСЛАВ СТРЖЕЛЬЧИК В МУЗЫКАЛЬНОЙ КОМЕДИИ «ХАНУМА», 1-2 СЕРИИ
02.40 ПАВЕЛ ДЕРЕВЯНКО, СЕРГЕЙ МАКОВЕЦКИЙ И АЛЕКСЕЙ ПАНИН В КОМЕДИИ «НЕВАЛЯШКА»
04.10 МУЗЫКА «ЧЕТВЕРТОГО КАНАЛА»
РЕН урал
5.00 Х/Ф «ПЕРЕГОН»
6.50 «ЛЕГЕНДЫ РЕТРО FM - 2008»
10.00 «ТАЙНЫ МИРА»
11.00 «ТАЙНА ВОЛШЕБНЫХ ТРАВ»
12.00 «КОД ЗВЕЗДЫ»
13.00 «ХОЧУ ЖИТЬ ВЕЧНО»
14.00 «ПИРАМИДЫ - АНТЕННЫ ВСЕЛЕННОЙ»
15.00 «ТАЙНА ВИРУСА СМЕРТИ»
16.00 «СЫВОРОТКА ПРАВДЫ»
17.00 «ЦАРСКИЕ ОРАКУЛЫ»
18.00 «ЛУННЫЕ ЛЮДИ»
19.00 «УНИВЕРСАЛЬНЫЙ СОЛДАТ»
19.30 «9 РОТА. КАК ЭТО БЫЛО»
20.00 Х/Ф «9 РОТА»
22.40 Х/Ф «КОНСЕРВЫ»
01.00 «СЕАНС ДЛЯ ВЗРОСЛЫХ»: «СЕКСУАЛЬНЫЕ СЕКРЕТЫ ПАПАРАЦЦИ»
03.00 «ПОКЕР ПОСЛЕ ПОЛУНОЧИ»
03.50 Х/Ф «АНТИБУМЕР»
ТВ урал
6.00 «ХАННА МОНТАНА И МАЙЛИ САЙРУС. КОНЦЕРТ «ЛУЧШЕЕ ИЗ ОБОИХ МИРОВ»
7.25 МУЛЬТФИЛЬМЫ
8.00 М/С «МИР СТРАСТЕЙ»
9.00 М/С «НУ, ПОГОДИ!»
9.25 М/С «СМЕШАРИКИ»
9.35 М/С «КЛУБ ВИНКС. ВОЛШЕБНОЕ ПРИКЛЮЧЕНИЕ»
11.00 «ЭТО МОЙ РЕБЁНОК!»
12.00 Т/С «ВОРОНИНЫ»
16.00 «НЕДЕЛЯ БЕЗ ГАЛСТУКА»
16.30 «6 КАДРОВ»
17.05 БОЕВИК «ЖЕЛЕЗНЫЙ ЧЕЛОВЕК»
19.25 М/Ф «КАРЛИК НОС»
21.00 КОМЕДИЯ «М+Ж»
22.30 МЕЛОДРАМА «УКРОЩЕНИЕ СТРОПТИВОГО»
00.20 ТРИЛЛЕР «ЗАСАДА»
02.00 Х/Ф «ПИСАТЕЛИ СВОБОДЫ»
04.20 Т/С «ЛЕГЕНДА ОБ ИСКАТЕЛЕ»
05.10 М/С «ПРИКЛЮЧЕНИЯ КОНАНА-ВАРВАРА»
5
6.00 ДОКУМ. ФИЛЬМЫ
8.00 МУЛЬТФИЛЬМ
8.20 Х/Ф «ТАЙНА ЖЕЛЕЗНОЙ ДВЕРИ»
9.35 КЛУБ ЗНАМЕНИТЫХ ХУЛИГАНОВ
10.00 СЕЙЧАС
10.10 Д/Ф «ОЛИМПИЙСКИЕ ИГРЫ ЖИВОТНЫХ»
11.00 ПРОЕКТ ПАВЛА ЛОБКОВА: «ОРХИДЕЯ»
12.00 В НАШУ ГАВАНЬ ЗАХОДИЛИ КОРАБЛИ...
13.00 Х/Ф «ДВА КАПИТАНА»
17.30 МЕСТО ПРОИСШЕСТВИЯ. О ГЛАВНОМ
18.30 ГЛАВНОЕ
19.30 Х/Ф «ДВА КАПИТАНА»
23.50 Х/Ф «ПОЛЕТАЯ НАД ГНЕЗДОМ КУКУШКИ»
02.35 МЕСТО ПРОИСШЕСТВИЯ. О ГЛАВНОМ
03.35 Х/Ф «ВОРОБЕЙ»
05.25 ДОКУМ. ФИЛЬМ
ДТВ урал
6.00 МУЛЬТФИЛЬМЫ
7.00 Х/Ф «КООПЕРАТИВ «ПОЛИТЕХ» БУДЕТ ДОЛГИМ ПРОЩАНИЕ»
8.00 «ТЫСЯЧА МЕЛОЧЕЙ»
8.30 МУЛЬТФИЛЬМЫ
9.30 КОМЕДИЯ «ЗА ДВУМЯ ЗАЙЦАМИ»
11.30 Т/С «ВИОЛА ТАРАКАНОВА. В МИРЕ ПРЕСТУПНЫХ СТРАСТЕЙ 2. УРОЖАЙ ЯДОВИТЫХ ЯГОД»
13.30 САМОЕ СМЕШНОЕ ВИДЕО
14.30 БОЕВИК «ЛОГОВО ЗМЕЯ»
18.30 «СОБАЧЬЯ РАБОТА»
19.00 БОЕВИК «ПУЛЬДРАКОНА»
21.00 «СЕКРЕТНЫЕ ФАЙЛЫ»
22.00 «УЛЕТНОЕ ВИДЕО ПО-РУССКИ»
23.00 «ГОЛЫЕ И СМЕШНЫЕ»
23.30 «СПОКОЙНОЙ НОЧИ, МУЖИКИ!»
00.30 БОЕВИК «ВИРТУОЗЫ»
01.35 Х/Ф «АНТИБРИГАДА «БЕЙ ВРАГА»
04.15 БОЕВИК «ПУЛЬДРАКОНА»
05.30 «УЛЕТНОЕ ВИДЕО»
MTV
6.00 MUSIC
7.00 СТЕРЕО_УТРО
9.45 HIT CHART
10.35 ГУБКА БОБ
11.00 13 КИНОЛАЖ
11.30 НЕРЕАЛЬНЫЕ ИГРЫ
12.00 ТЕЛЕПОРТ
12.30 КТО КРУЧЕ
13.00 ГОРЯЧЕЕ КИНО
13.30 ВУЗ NEWS
14.00 Т/С «РАНЕТКИ»
16.00 HIT CHART
16.30 ART-КОКТЕЙЛЬ
17.00 MTV SPECIAL
18.00 LOVE МАШИНА
19.00 МАМА, ХОЧУ СТАТЬ ЗВЕЗДОЙ
20.00 ШОПОГОЛИКИ
21.00 ЗОЛУШКА 2.0
22.00 УЖЕ МОЖНО
22.50 СЛЕДУЮЩИЙ
23.15 ПЛОХИЕ ДЕВЧОНКИ
00.55 РУССКАЯ ДЕСЯТКА
01.55 WORLD STAGE
02.55 MUSIC
ЦТУ ТВ3
00.00 СТУДИЯ ПРИКЛЮЧЕНИЙ
00.20 ВОПРОС С ПРИСТРАСТИЕМ
00.40 ПРОГРАММА «7»
02.50 «АВТОБАН»
03.05 Х/Ф «ГРАНД ОТЕЛЬ»
6.00 МУЛЬТФИЛЬМЫ
9.00 Т/С «ЗВЕЗДНЫЕ ВОЙНЫ: ВОЙНЫ КЛОНОВ»
10.00 Т/С «УДИВИТЕЛЬНЫЕ СТРАНСТВИЯ ГЕРАКЛА»
11.00 Х/Ф «ВОЛШЕБНОЕ ОЗЕРО»
13.00 ДАЛЕКО И ЕЩЕ ДАЛЬШЕ
14.00 Х/Ф «УЧЕНИК МЕРЛИНА»
18.00 СЕМЕЙНЫЙ ПРИГОВОР ГЕННАДИЯ ХАЗАНОВА
19.00 Х/Ф «ДОКТОР ДУЛИТТЛ»
20.45 Х/Ф «ШПИЛЬКИ»
22.45 ДИСКОТЕКА 80-Х
02.00 Х/Ф «НАЦИЯ ПРИШЕЛЬЦЕВ»
04.00 Х/Ф «НАЦИЯ ПРИШЕЛЬЦЕВ: ТЕМНЫЙ ГОРИЗОНТ»
